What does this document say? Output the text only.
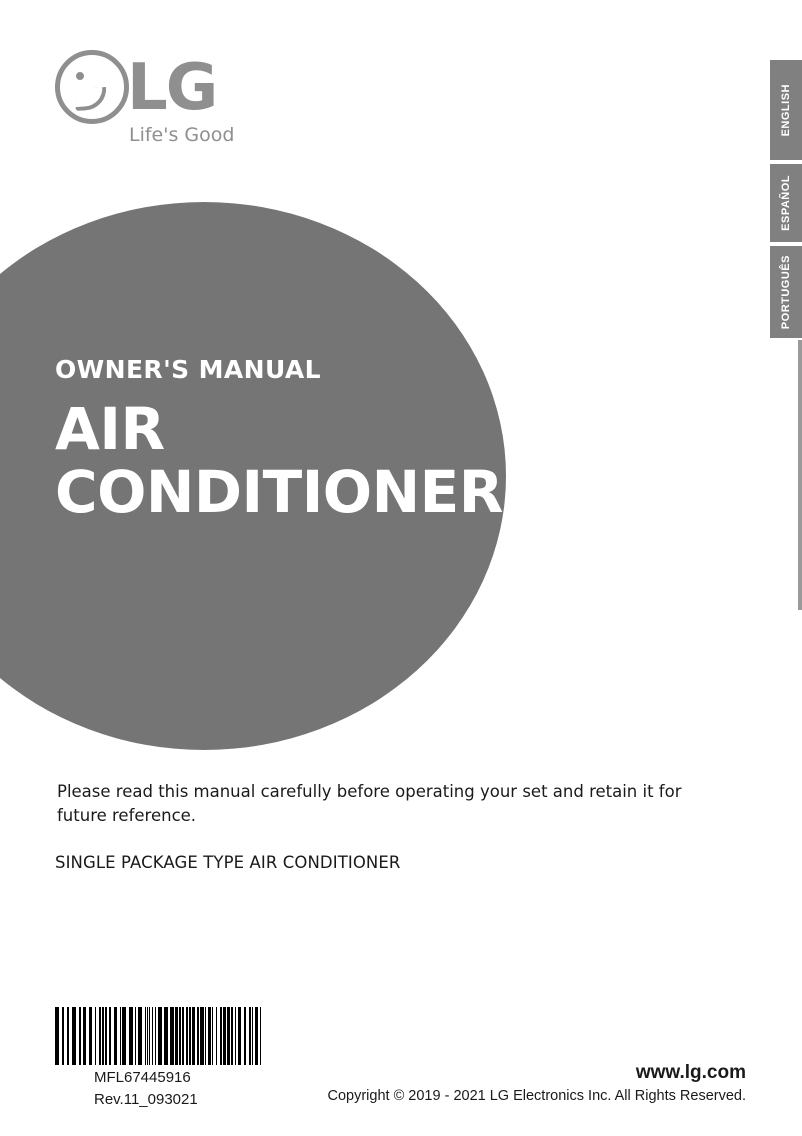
LG
Life's Good	ENGLISH
ESPAÑOL
PORTUGUÊS
OWNER'S MANUAL
AIR
CONDITIONER
Please read this manual carefully before operating your set and retain it for future reference.
SINGLE PACKAGE TYPE AIR CONDITIONER
MFL67445916
Rev.11_093021
www.lg.com
Copyright © 2019 - 2021 LG Electronics Inc. All Rights Reserved.
